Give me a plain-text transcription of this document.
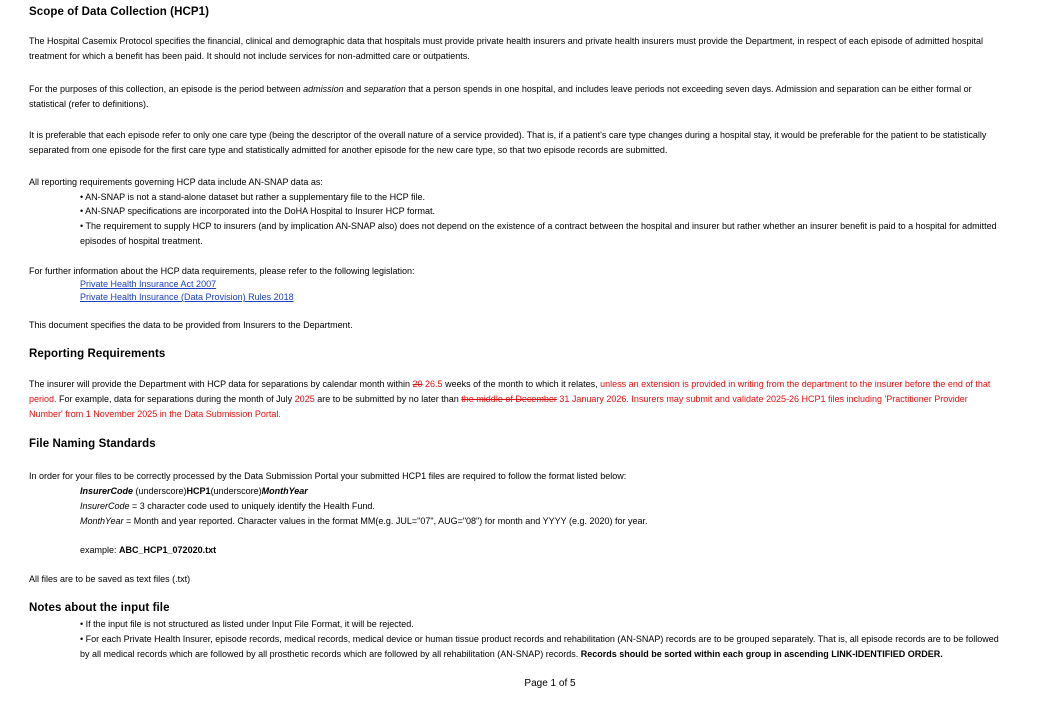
Scope of Data Collection (HCP1)
The Hospital Casemix Protocol specifies the financial, clinical and demographic data that hospitals must provide private health insurers and private health insurers must provide the Department, in respect of each episode of admitted hospital treatment for which a benefit has been paid. It should not include services for non-admitted care or outpatients.
For the purposes of this collection, an episode is the period between admission and separation that a person spends in one hospital, and includes leave periods not exceeding seven days. Admission and separation can be either formal or statistical (refer to definitions).
It is preferable that each episode refer to only one care type (being the descriptor of the overall nature of a service provided). That is, if a patient's care type changes during a hospital stay, it would be preferable for the patient to be statistically separated from one episode for the first care type and statistically admitted for another episode for the new care type, so that two episode records are submitted.
All reporting requirements governing HCP data include AN-SNAP data as:
• AN-SNAP is not a stand-alone dataset but rather a supplementary file to the HCP file.
• AN-SNAP specifications are incorporated into the DoHA Hospital to Insurer HCP format.
• The requirement to supply HCP to insurers (and by implication AN-SNAP also) does not depend on the existence of a contract between the hospital and insurer but rather whether an insurer benefit is paid to a hospital for admitted episodes of hospital treatment.
For further information about the HCP data requirements, please refer to the following legislation:
Private Health Insurance Act 2007
Private Health Insurance (Data Provision) Rules 2018
This document specifies the data to be provided from Insurers to the Department.
Reporting Requirements
The insurer will provide the Department with HCP data for separations by calendar month within 20 26.5 weeks of the month to which it relates, unless an extension is provided in writing from the department to the insurer before the end of that period. For example, data for separations during the month of July 2025 are to be submitted by no later than the middle of December 31 January 2026. Insurers may submit and validate 2025-26 HCP1 files including 'Practitioner Provider Number' from 1 November 2025 in the Data Submission Portal.
File Naming Standards
In order for your files to be correctly processed by the Data Submission Portal your submitted HCP1 files are required to follow the format listed below:
InsurerCode (underscore)HCP1(underscore)MonthYear
InsurerCode = 3 character code used to uniquely identify the Health Fund.
MonthYear = Month and year reported. Character values in the format MM(e.g. JUL="07", AUG="08") for month and YYYY (e.g. 2020) for year.
example: ABC_HCP1_072020.txt
All files are to be saved as text files (.txt)
Notes about the input file
• If the input file is not structured as listed under Input File Format, it will be rejected.
• For each Private Health Insurer, episode records, medical records, medical device or human tissue product records and rehabilitation (AN-SNAP) records are to be grouped separately. That is, all episode records are to be followed by all medical records which are followed by all prosthetic records which are followed by all rehabilitation (AN-SNAP) records. Records should be sorted within each group in ascending LINK-IDENTIFIED ORDER.
Page 1 of 5
